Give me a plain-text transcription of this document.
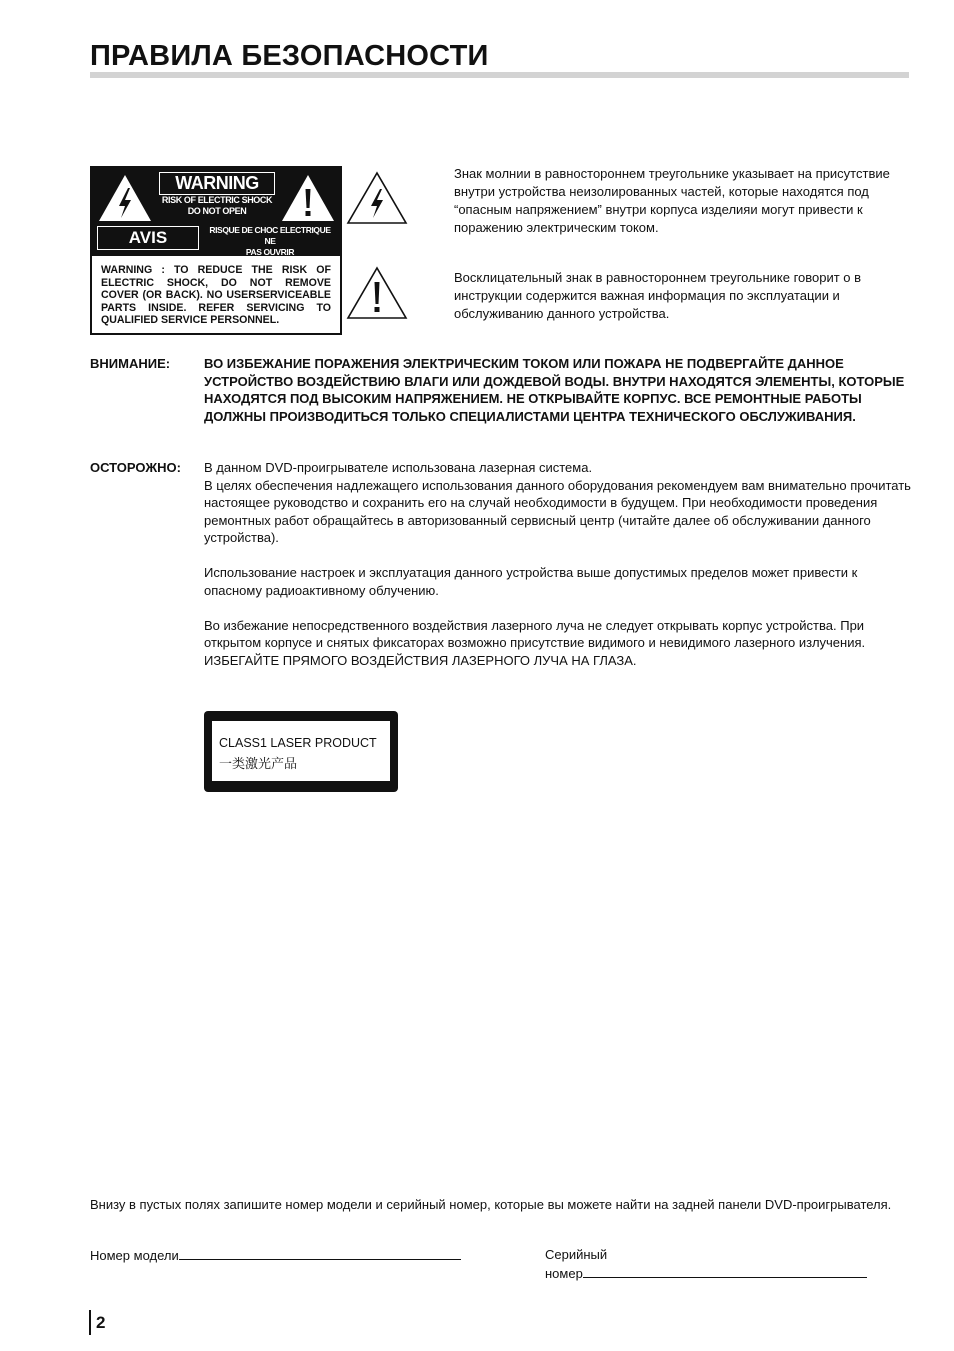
ПРАВИЛА БЕЗОПАСНОСТИ
WARNING
RISK OF ELECTRIC SHOCK
DO NOT OPEN
AVIS	RISQUE DE CHOC ELECTRIQUE NE
PAS OUVRIR
WARNING : TO REDUCE THE RISK OF ELECTRIC SHOCK, DO NOT REMOVE COVER (OR BACK). NO USERSERVICEABLE PARTS INSIDE. REFER SERVICING TO QUALIFIED SERVICE PERSONNEL.

Знак молнии в равностороннем треугольнике указывает на присутствие внутри устройства неизолированных частей, которые находятся под “опасным напряжением” внутри корпуса изделияи могут привести к поражению электрическим током.

Восклицательный знак в равностороннем треугольнике говорит о в инструкции содержится важная информация по эксплуатации и обслуживанию данного устройства.

ВНИМАНИЕ:	ВО ИЗБЕЖАНИЕ ПОРАЖЕНИЯ ЭЛЕКТРИЧЕСКИМ ТОКОМ ИЛИ ПОЖАРА НЕ ПОДВЕРГАЙТЕ ДАННОЕ УСТРОЙСТВО ВОЗДЕЙСТВИЮ ВЛАГИ ИЛИ ДОЖДЕВОЙ ВОДЫ. ВНУТРИ НАХОДЯТСЯ ЭЛЕМЕНТЫ, КОТОРЫЕ НАХОДЯТСЯ ПОД ВЫСОКИМ НАПРЯЖЕНИЕМ. НЕ ОТКРЫВАЙТЕ КОРПУС. ВСЕ РЕМОНТНЫЕ РАБОТЫ ДОЛЖНЫ ПРОИЗВОДИТЬСЯ ТОЛЬКО СПЕЦИАЛИСТАМИ ЦЕНТРА ТЕХНИЧЕСКОГО ОБСЛУЖИВАНИЯ.
ОСТОРОЖНО: В данном DVD-проигрывателе использована лазерная система.

В целях обеспечения надлежащего использования данного оборудования рекомендуем вам внимательно прочитать настоящее руководство и сохранить его на случай необходимости в будущем. При необходимости проведения ремонтных работ обращайтесь в авторизованный сервисный центр (читайте далее об обслуживании данного устройства).

Использование настроек и эксплуатация данного устройства выше допустимых пределов может привести к опасному радиоактивному облучению.

Во избежание непосредственного воздействия лазерного луча не следует открывать корпус устройства. При открытом корпусе и снятых фиксаторах возможно присутствие видимого и невидимого лазерного излучения.

ИЗБЕГАЙТЕ ПРЯМОГО ВОЗДЕЙСТВИЯ ЛАЗЕРНОГО ЛУЧА НА ГЛАЗА.

CLASS1 LASER PRODUCT
一类激光产品

Внизу в пустых полях запишите номер модели и серийный номер, которые вы можете найти на задней панели DVD-проигрывателя.

Номер модели	Серийный
номер
2
